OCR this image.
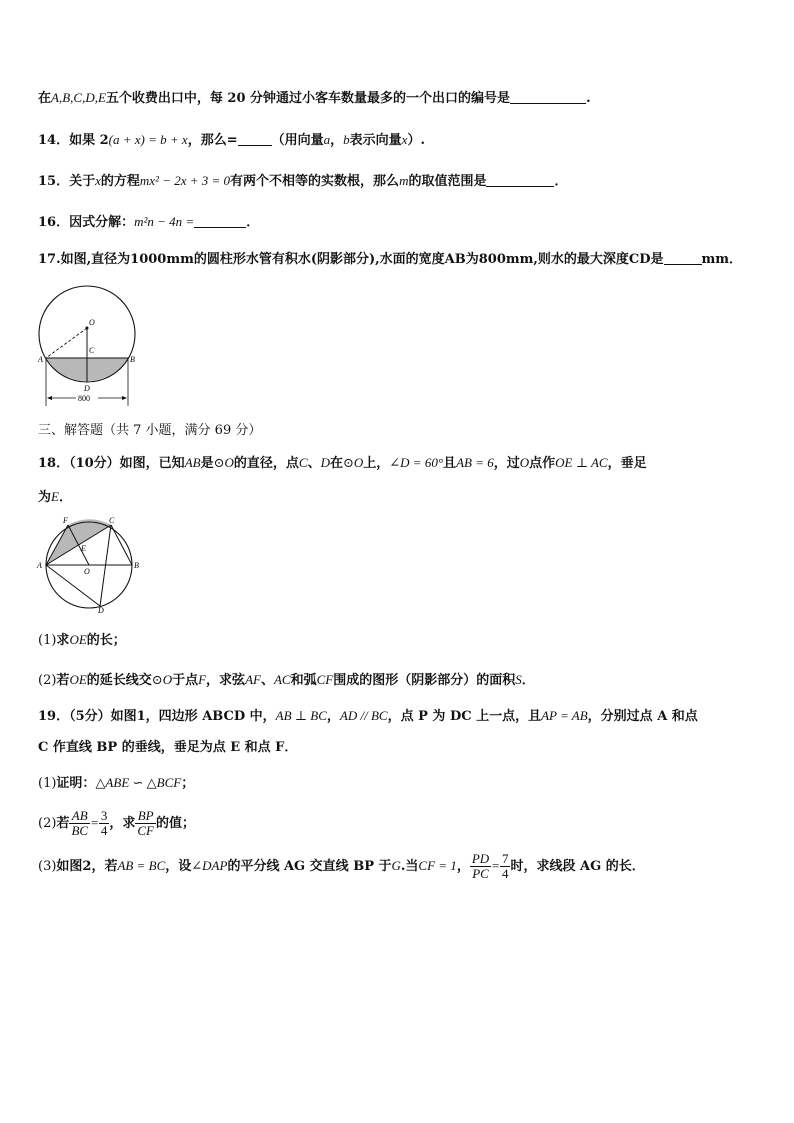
在A,B,C,D,E五个收费出口中，每 20 分钟通过小客车数量最多的一个出口的编号是	.
14．如果 2(a + x) = b + x，那么=	（用向量a，b表示向量x）.
15．关于x的方程mx² − 2x + 3 = 0有两个不相等的实数根，那么m的取值范围是	．
16．因式分解：m²n − 4n =	．
17.如图,直径为1000mm的圆柱形水管有积水(阴影部分),水面的宽度AB为800mm,则水的最大深度CD是	mm．
O
A	B
C
D
800
三、解答题（共 7 小题，满分 69 分）
18．（10分）如图，已知AB是⊙O的直径，点C、D在⊙O上，∠D = 60°且AB = 6，过O点作OE ⊥ AC，垂足
为E．
F	C
E
A
O
B
D
(1)求OE的长；
(2)若OE的延长线交⊙O于点F，求弦AF、AC和弧CF围成的图形（阴影部分）的面积S．
19．（5分）如图1，四边形 ABCD 中，AB ⊥ BC，AD // BC，点 P 为 DC 上一点，且AP = AB，分别过点 A 和点
C 作直线 BP 的垂线，垂足为点 E 和点 F．
(1)证明：△ABE ∽ △BCF；
(2)若 $\frac{AB}{BC} = \frac{3}{4}$ ，求 $\frac{BP}{CF}$ 的值；
(3)如图2，若AB = BC，设∠DAP的平分线 AG 交直线 BP 于G.当CF = 1， $\frac{PD}{PC} = \frac{7}{4}$ 时，求线段 AG 的长．
